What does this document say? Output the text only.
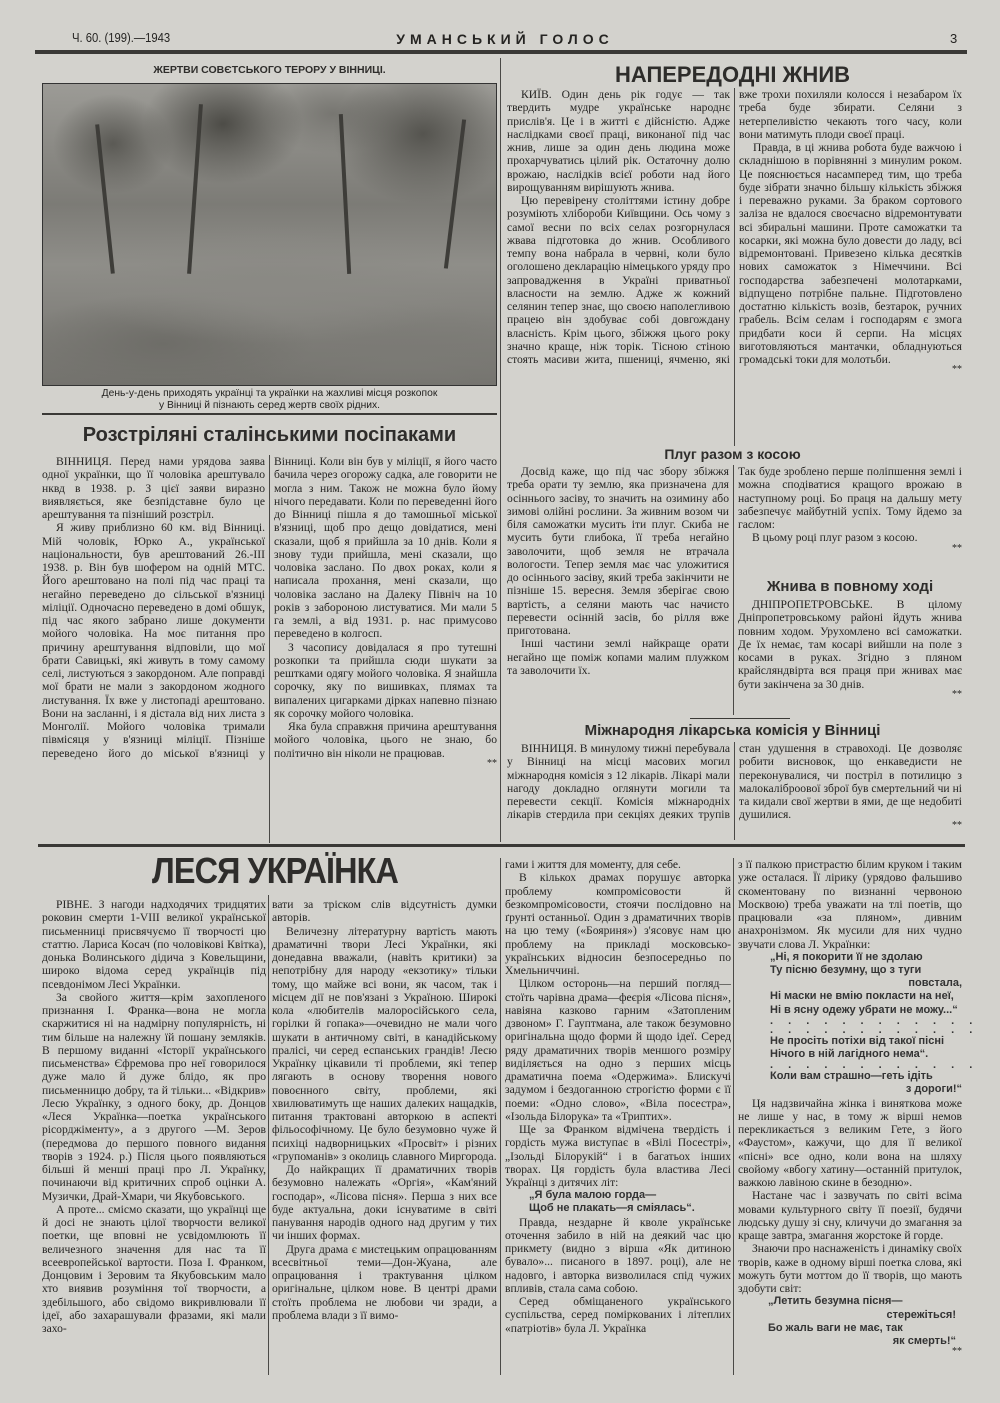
Ч. 60. (199).—1943	УМАНСЬКИЙ ГОЛОС	3
ЖЕРТВИ СОВЄТСЬКОГО ТЕРОРУ У ВІННИЦІ.
День-у-день приходять українці та українки на жахливі місця розкопок
у Вінниці й пізнають серед жертв своїх рідних.
Розстріляні сталінськими посіпаками

ВІННИЦЯ. Перед нами урядова заява одної українки, що її чоловіка арештувало нквд в 1938. р. З цієї заяви виразно виявляється, яке безпідставне було це арештування та пізніший розстріл.

Я живу приблизно 60 км. від Вінниці. Мій чоловік, Юрко А., української національности, був арештований 26.-III 1938. р. Він був шофером на одній МТС. Його арештовано на полі під час праці та негайно переведено до сільської в'язниці міліції. Одночасно переведено в домі обшук, під час якого забрано лише документи мойого чоловіка. На моє питання про причину арештування відповіли, що мої брати Савицькі, які живуть в тому самому селі, листуються з закордоном. Але поправді мої брати не мали з закордоном жодного листування. Їх вже у листопаді арештовано. Вони на засланні, і я дістала від них листа з Монголії. Мойого чоловіка тримали півмісяця у в'язниці міліції. Пізніше переведено його до міської в'язниці у Вінниці. Коли він був у міліції, я його часто бачила через огорожу садка, але говорити не могла з ним. Також не можна було йому нічого передавати. Коли по переведенні його до Вінниці пішла я до тамошньої міської в'язниці, щоб про дещо довідатися, мені сказали, щоб я прийшла за 10 днів. Коли я знову туди прийшла, мені сказали, що чоловіка заслано. По двох роках, коли я написала прохання, мені сказали, що чоловіка заслано на Далеку Північ на 10 років з забороною листуватися. Ми мали 5 га землі, а від 1931. р. нас примусово переведено в колгосп.

З часопису довідалася я про тутешні розкопки та прийшла сюди шукати за рештками одягу мойого чоловіка. Я знайшла сорочку, яку по вишивках, плямах та випалених цигарками дірках напевно пізнаю як сорочку мойого чоловіка.

Яка була справжня причина арештування мойого чоловіка, цього не знаю, бо політично він ніколи не працював.

**
НАПЕРЕДОДНІ ЖНИВ

КИЇВ. Один день рік годує — так твердить мудре українське народнє прислів'я. Це і в житті є дійсністю. Адже наслідками своєї праці, виконаної під час жнив, лише за один день людина може прохарчуватись цілий рік. Остаточну долю врожаю, наслідків всієї роботи над його вирощуванням вирішують жнива.

Цю перевірену століттями істину добре розуміють хлібороби Київщини. Ось чому з самої весни по всіх селах розгорнулася жвава підготовка до жнив. Особливого темпу вона набрала в червні, коли було оголошено декларацію німецького уряду про запровадження в Україні приватньої власности на землю. Адже ж кожний селянин тепер знає, що своєю наполегливою працею він здобуває собі довгождану власність. Крім цього, збіжжя цього року значно краще, ніж торік. Тісною стіною стоять масиви жита, пшениці, ячменю, які вже трохи похиляли колосся і незабаром їх треба буде збирати. Селяни з нетерпеливістю чекають того часу, коли вони матимуть плоди своєї праці.

Правда, в ці жнива робота буде важчою і складнішою в порівнянні з минулим роком. Це пояснюється насамперед тим, що треба буде зібрати значно більшу кількість збіжжя і переважно руками. За браком сортового заліза не вдалося своєчасно відремонтувати всі збиральні машини. Проте саможатки та косарки, які можна було довести до ладу, всі відремонтовані. Привезено кілька десятків нових саможаток з Німеччини. Всі господарства забезпечені молотарками, відпущено потрібне пальне. Підготовлено достатню кількість возів, безтарок, ручних грабель. Всім селам і господарям є змога придбати коси й серпи. На місцях виготовляються мантачки, обладнуються громадські токи для молотьби.

**
Плуг разом з косою

Досвід каже, що під час збору збіжжя треба орати ту землю, яка призначена для осіннього засіву, то значить на озимину або зимові олійні рослини. За живним возом чи біля саможатки мусить іти плуг. Скиба не мусить бути глибока, її треба негайно заволочити, щоб земля не втрачала вологости. Тепер земля має час уложитися до осіннього засіву, який треба закінчити не пізніше 15. вересня. Земля зберігає свою вартість, а селяни мають час начисто перевести осінній засів, бо рілля вже приготована.

Інші частини землі найкраще орати негайно ще поміж копами малим плужком та заволочити їх.

Так буде зроблено перше поліпшення землі і можна сподіватися кращого врожаю в наступному році. Бо праця на дальшу мету забезпечує майбутній успіх. Тому йдемо за гаслом:

В цьому році плуг разом з косою.

**
Жнива в повному ході

ДНІПРОПЕТРОВСЬКЕ. В цілому Дніпропетровському районі йдуть жнива повним ходом. Урухомлено всі саможатки. Де їх немає, там косарі вийшли на поле з косами в руках. Згідно з пляном крайсляндвірта вся праця при жнивах має бути закінчена за 30 днів.

**
Міжнародня лікарська комісія у Вінниці

ВІННИЦЯ. В минулому тижні перебувала у Вінниці на місці масових могил міжнародня комісія з 12 лікарів. Лікарі мали нагоду докладно оглянути могили та перевести секції. Комісія міжнародніх лікарів стердила при секціях деяких трупів стан удушення в стравоході. Це дозволяє робити висновок, що енкаведисти не переконувалися, чи постріл в потилицю з малокаліброової зброї був смертельний чи ні та кидали свої жертви в ями, де ще недобиті душилися.

**
ЛЕСЯ УКРАЇНКА

РІВНЕ. З нагоди надходячих тридцятих роковин смерти 1-VIII великої української письменниці присвячуємо її творчості цю статтю. Лариса Косач (по чоловікові Квітка), донька Волинського дідича з Ковельщини, широко відома серед українців під псевдонімом Лесі Українки.

За свойого життя—крім захопленого признання І. Франка—вона не могла скаржитися ні на надмірну популярність, ні тим більше на належну їй пошану земляків. В першому виданні «Історії українського письменства» Єфремова про неї говорилося дуже мало й дуже блідо, як про письменницю добру, та й тільки... «Відкрив» Лесю Українку, з одного боку, др. Донцов «Леся Українка—поетка українського рісорджіменту», а з другого —М. Зеров (передмова до першого повного видання творів з 1924. р.) Після цього появляються більші й менші праці про Л. Українку, починаючи від критичних спроб оцінки А. Музички, Драй-Хмари, чи Якубовського.

А проте... смісмо сказати, що українці ще й досі не знають цілої творчости великої поетки, ще вповні не усвідомлюють її величезного значення для нас та її всеевропейської вартости. Поза І. Франком, Донцовим і Зеровим та Якубовським мало хто виявив розуміння тої творчости, а здебільшого, або свідомо викривлювали її ідеї, або захарашували фразами, які мали захо-

вати за тріском слів відсутність думки авторів.

Величезну літературну вартість мають драматичні твори Лесі Українки, які донедавна вважали, (навіть критики) за непотрібну для народу «екзотику» тільки тому, що майже всі вони, як часом, так і місцем дії не пов'язані з Україною. Широкі кола «любителів малоросійського села, горілки й гопака»—очевидно не мали чого шукати в античному світі, в канадійському пралісі, чи серед еспанських грандів! Лесю Українку цікавили ті проблеми, які тепер лягають в основу творення нового повоєнного світу, проблеми, які хвилюватимуть ще наших далеких нащадків, питання трактовані авторкою в аспекті фільософічному. Це було безумовно чуже й психіці надворницьких «Просвіт» і різних «групоманів» з околиць славного Миргорода.

До найкращих її драматичних творів безумовно належать «Оргія», «Кам'яний господар», «Лісова пісня». Перша з них все буде актуальна, доки існуватиме в світі панування народів одного над другим у тих чи інших формах.

Друга драма є мистецьким опрацюванням всесвітньої теми—Дон-Жуана, але опрацювання і трактування цілком оригінальне, цілком нове. В центрі драми стоїть проблема не любови чи зради, а проблема влади з її вимо-

гами і життя для моменту, для себе.

В кількох драмах порушує авторка проблему компромісовости й безкомпромісовости, стоячи послідовно на ґрунті останньої. Один з драматичних творів на цю тему («Бояриня») з'ясовує нам цю проблему на прикладі московсько-українських відносин безпосередньо по Хмельниччині.

Цілком осторонь—на перший погляд—стоїть чарівна драма—феєрія «Лісова пісня», навіяна казково гарним «Затопленим дзвоном» Г. Гауптмана, але також безумовно оригінальна щодо форми й щодо ідеї. Серед ряду драматичних творів меншого розміру виділяється на одно з перших місць драматична поема «Одержима». Блискучі задумом і бездоганною строгістю форми є її поеми: «Одно слово», «Віла посестра», «Ізольда Білорука» та «Триптих».

Ще за Франком відмічена твердість і гордість мужа виступає в «Вілі Посестрі», „Ізольді Білорукій“ і в багатьох інших творах. Ця гордість була властива Лесі Українці з дитячих літ:

„Я була малою горда—
Щоб не плакать—я сміялась“.

Правда, нездарне й кволе українське оточення забило в ній на деякий час цю прикмету (видно з вірша «Як дитиною бувало»... писаного в 1897. році), але не надовго, і авторка визволилася спід чужих впливів, стала сама собою.

Серед обміщаненого українського суспільства, серед поміркованих і літеплих «патріотів» була Л. Українка

з її палкою пристрастю білим круком і таким уже осталася. Її лірику (урядово фальшиво скоментовану по визнанні червоною Москвою) треба уважати на тлі поетів, що працювали «за пляном», дивним анахронізмом. Як мусили для них чудно звучати слова Л. Українки:

„Ні, я покорити її не здолаю
Ту пісню безумну, що з туги
повстала,
Ні маски не вмію покласти на неї,
Ні в ясну одежу убрати не можу...“
. . . . . . . . . . . .
. . . . . . . . . . . .
Не просіть потіхи від такої пісні
Нічого в ній лагідного нема“.
. . . . . . . . . . . .
Коли вам страшно—геть ідіть
з дороги!“

Ця надзвичайна жінка і виняткова може не лише у нас, в тому ж вірші немов перекликається з великим Гете, з його «Фаустом», кажучи, що для її великої «пісні» все одно, коли вона на шляху свойому «вбогу хатину—останній притулок, важкою лавіною скине в безодню».

Настане час і зазвучать по світі всіма мовами культурного світу її поезії, будячи людську душу зі сну, кличучи до змагання за краще завтра, змагання жорстоке й горде.

Знаючи про наснаженість і динаміку своїх творів, каже в одному вірші поетка слова, які можуть бути моттом до її творів, що мають здобути світ:

„Летить безумна пісня—
стережіться!
Бо жаль ваги не має, так
як смерть!“
**
